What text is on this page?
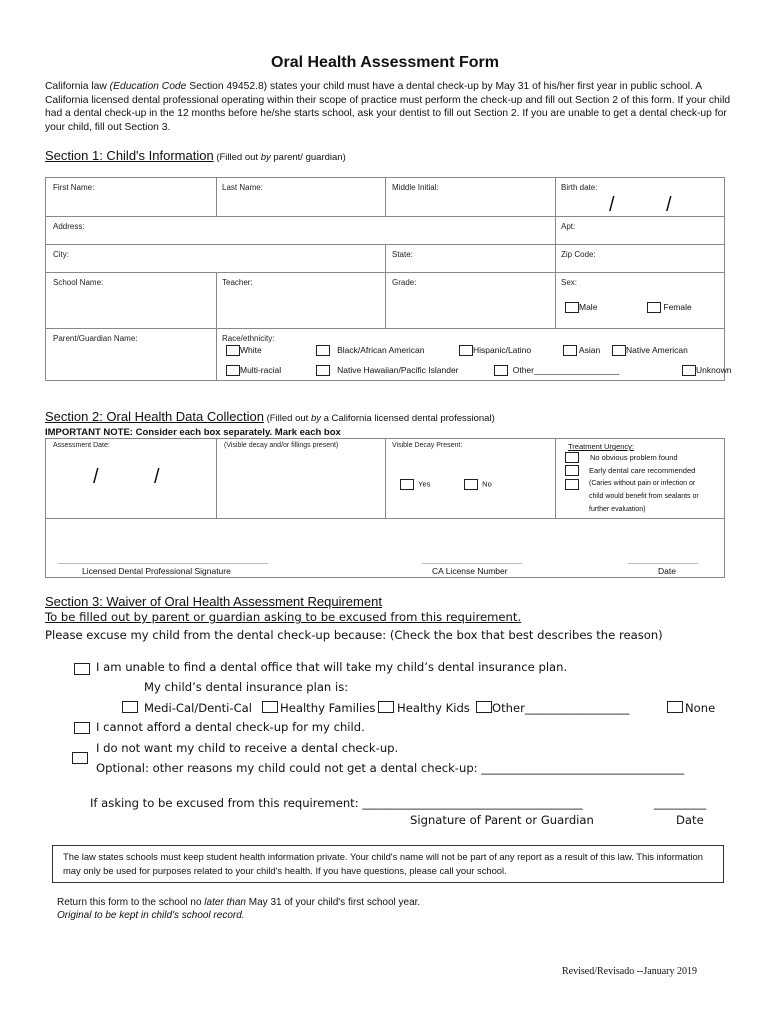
Oral Health Assessment Form
California law (Education Code Section 49452.8) states your child must have a dental check-up by May 31 of his/her first year in public school. A California licensed dental professional operating within their scope of practice must perform the check-up and fill out Section 2 of this form. If your child had a dental check-up in the 12 months before he/she starts school, ask your dentist to fill out Section 2. If you are unable to get a dental check-up for your child, fill out Section 3.
Section 1: Child's Information (Filled out by parent/ guardian)
First Name:	Last Name:	Middle Initial:	Birth date:
/	/
Address:	Apt:
City:	State:	Zip Code:
School Name:	Teacher:	Grade:	Sex:
Male	Female
Parent/Guardian Name:	Race/ethnicity:
White	Black/African American	Hispanic/Latino	Asian	Native American
Multi-racial	Native Hawaiian/Pacific Islander	Other__________________	Unknown
Section 2: Oral Health Data Collection (Filled out by a California licensed dental professional)
IMPORTANT NOTE: Consider each box separately. Mark each box
Assessment Date:
/	/
(Visible decay and/or fillings present)	Visible Decay Present:
Yes	No
Treatment Urgency:
No obvious problem found
Early dental care recommended
(Caries without pain or infection or
child would benefit from sealants or
further evaluation)
Licensed Dental Professional Signature	CA License Number	Date
Section 3: Waiver of Oral Health Assessment Requirement
To be filled out by parent or guardian asking to be excused from this requirement.
Please excuse my child from the dental check-up because: (Check the box that best describes the reason)
I am unable to find a dental office that will take my child’s dental insurance plan.
My child’s dental insurance plan is:
Medi-Cal/Denti-Cal Healthy Families Healthy Kids Other__________________	None
I cannot afford a dental check-up for my child.
I do not want my child to receive a dental check-up.
Optional: other reasons my child could not get a dental check-up: ___________________________________
If asking to be excused from this requirement: ______________________________________	_________
Signature of Parent or Guardian	Date
The law states schools must keep student health information private. Your child's name will not be part of any report as a result of this law. This information may only be used for purposes related to your child's health. If you have questions, please call your school.
Return this form to the school no later than May 31 of your child's first school year.
Original to be kept in child's school record.
Revised/Revisado --January 2019
